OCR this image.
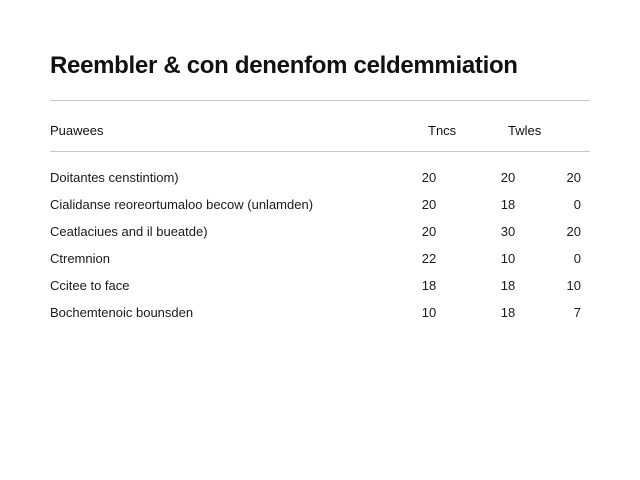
Reembler & con denenfom celdemmiation
Puawees	Tncs	Twles
Doitantes censtintiom)	20	20	20
Cialidanse reoreortumaloo becow (unlamden)	20	18	0
Ceatlaciues and il bueatde)	20	30	20
Ctremnion	22	10	0
Ccitee to face	18	18	10
Bochemtenoic bounsden	10	18	7
